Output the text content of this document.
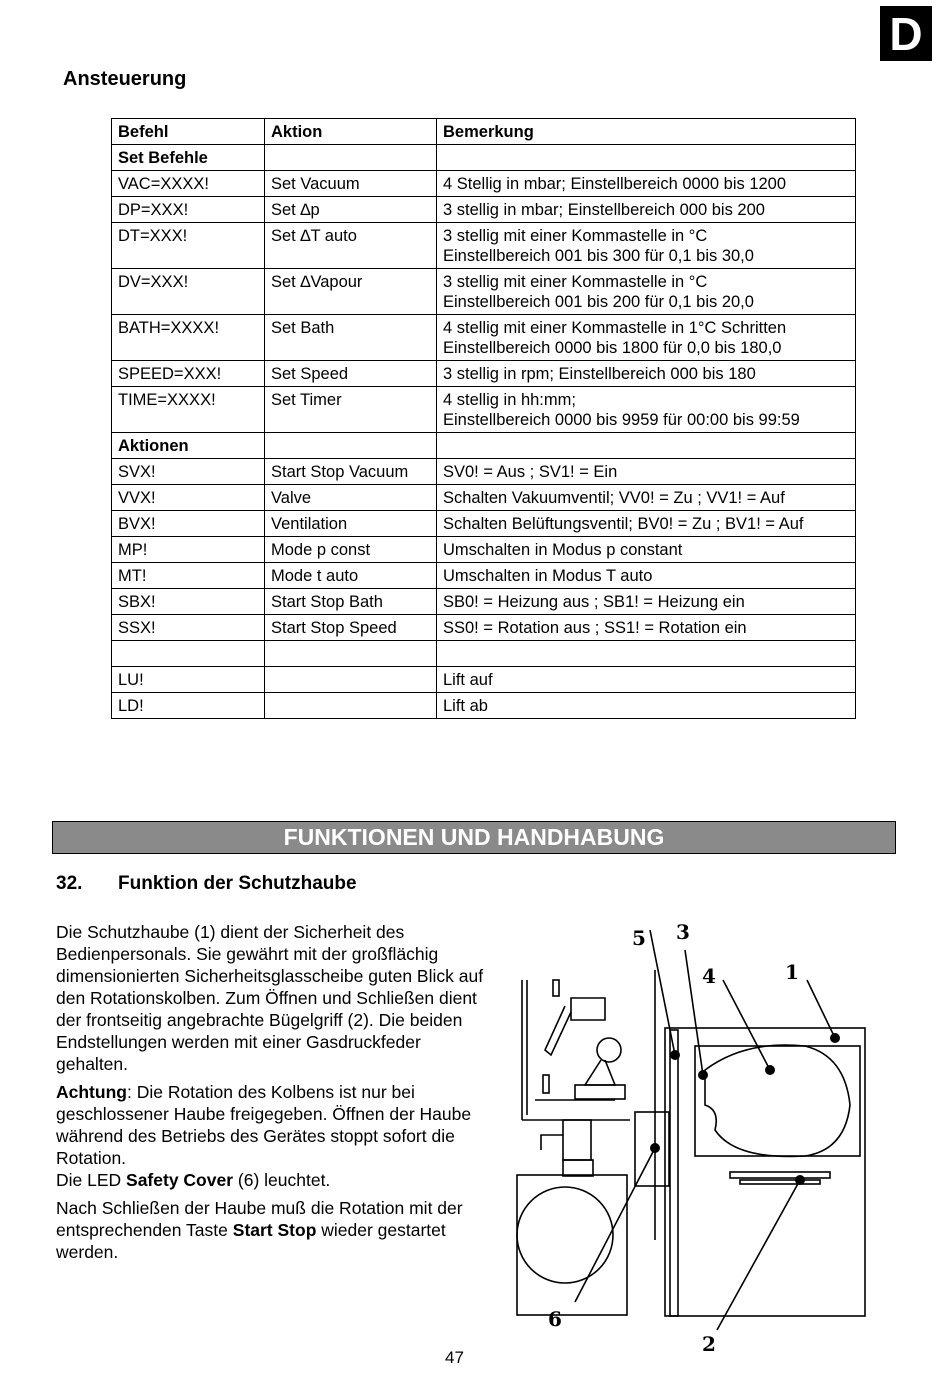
D
Ansteuerung
Befehl	Aktion	Bemerkung
Set Befehle		
VAC=XXXX!	Set Vacuum	4 Stellig in mbar; Einstellbereich 0000 bis 1200
DP=XXX!	Set ∆p	3 stellig in mbar; Einstellbereich 000 bis 200
DT=XXX!	Set ∆T auto	3 stellig mit einer Kommastelle in °C
Einstellbereich 001 bis 300 für 0,1 bis 30,0
DV=XXX!	Set ∆Vapour	3 stellig mit einer Kommastelle in °C
Einstellbereich 001 bis 200 für 0,1 bis 20,0
BATH=XXXX!	Set Bath	4 stellig mit einer Kommastelle in 1°C Schritten
Einstellbereich 0000 bis 1800 für 0,0 bis 180,0
SPEED=XXX!	Set Speed	3 stellig in rpm; Einstellbereich 000 bis 180
TIME=XXXX!	Set Timer	4 stellig in hh:mm;
Einstellbereich 0000 bis 9959 für 00:00 bis 99:59
Aktionen		
SVX!	Start Stop Vacuum	SV0! = Aus ; SV1! = Ein
VVX!	Valve	Schalten Vakuumventil; VV0! = Zu ; VV1! = Auf
BVX!	Ventilation	Schalten Belüftungsventil; BV0! = Zu ; BV1! = Auf
MP!	Mode p const	Umschalten in Modus p constant
MT!	Mode t auto	Umschalten in Modus T auto
SBX!	Start Stop Bath	SB0! = Heizung aus ; SB1! = Heizung ein
SSX!	Start Stop Speed	SS0! = Rotation aus ; SS1! = Rotation ein

LU!		Lift auf
LD!		Lift ab
FUNKTIONEN UND HANDHABUNG
32. Funktion der Schutzhaube

Die Schutzhaube (1) dient der Sicherheit des Bedienpersonals. Sie gewährt mit der großflächig dimensionierten Sicherheitsglasscheibe guten Blick auf den Rotationskolben. Zum Öffnen und Schließen dient der frontseitig angebrachte Bügelgriff (2). Die beiden Endstellungen werden mit einer Gasdruckfeder gehalten.

Achtung: Die Rotation des Kolbens ist nur bei geschlossener Haube freigegeben. Öffnen der Haube während des Betriebs des Gerätes stoppt sofort die Rotation.
Die LED Safety Cover (6) leuchtet.

Nach Schließen der Haube muß die Rotation mit der entsprechenden Taste Start Stop wieder gestartet werden.

5 3
4	1
6
2
47
